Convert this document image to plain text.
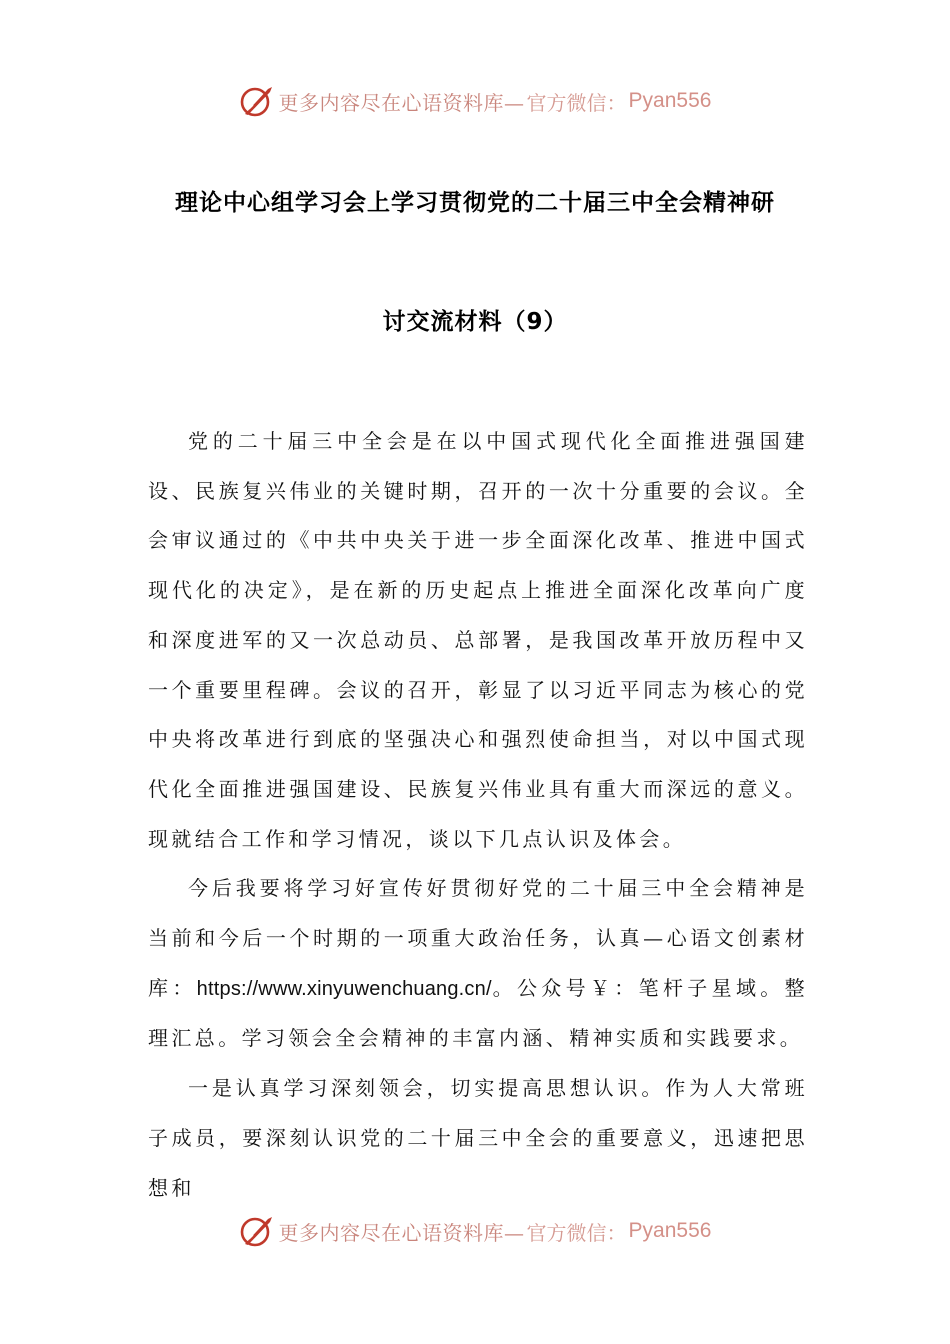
更多内容尽在心语资料库— 官方微信： Pyan556
理论中心组学习会上学习贯彻党的二十届三中全会精神研
讨交流材料（9）

党的二十届三中全会是在以中国式现代化全面推进强国建设、民族复兴伟业的关键时期，召开的一次十分重要的会议。全会审议通过的《中共中央关于进一步全面深化改革、推进中国式现代化的决定》，是在新的历史起点上推进全面深化改革向广度和深度进军的又一次总动员、总部署，是我国改革开放历程中又一个重要里程碑。会议的召开，彰显了以习近平同志为核心的党中央将改革进行到底的坚强决心和强烈使命担当，对以中国式现代化全面推进强国建设、民族复兴伟业具有重大而深远的意义。现就结合工作和学习情况，谈以下几点认识及体会。

今后我要将学习好宣传好贯彻好党的二十届三中全会精神是当前和今后一个时期的一项重大政治任务，认真—心语文创素材库：https://www.xinyuwenchuang.cn/。公众号￥：笔杆子星域。整理汇总。学习领会全会精神的丰富内涵、精神实质和实践要求。

一是认真学习深刻领会，切实提高思想认识。作为人大常班子成员，要深刻认识党的二十届三中全会的重要意义，迅速把思想和

更多内容尽在心语资料库— 官方微信： Pyan556
